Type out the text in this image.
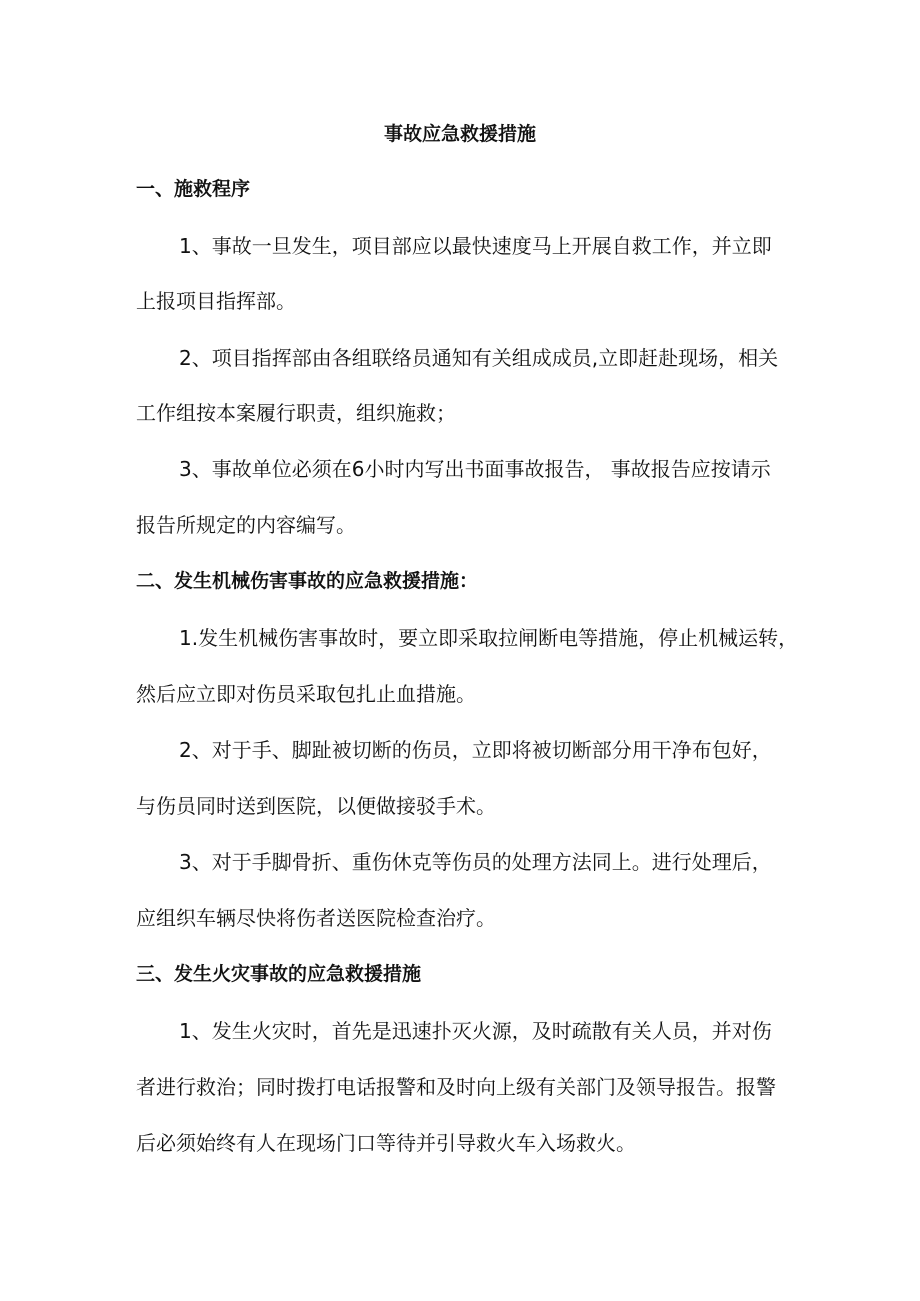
事故应急救援措施
一、施救程序

1、事故一旦发生，项目部应以最快速度马上开展自救工作，并立即

上报项目指挥部。

2、项目指挥部由各组联络员通知有关组成成员,立即赶赴现场，相关

工作组按本案履行职责，组织施救；

3、事故单位必须在6小时内写出书面事故报告， 事故报告应按请示

报告所规定的内容编写。

二、发生机械伤害事故的应急救援措施：

1.发生机械伤害事故时，要立即采取拉闸断电等措施，停止机械运转，

然后应立即对伤员采取包扎止血措施。

2、对于手、脚趾被切断的伤员，立即将被切断部分用干净布包好，

与伤员同时送到医院，以便做接驳手术。

3、对于手脚骨折、重伤休克等伤员的处理方法同上。进行处理后，

应组织车辆尽快将伤者送医院检查治疗。

三、发生火灾事故的应急救援措施

1、发生火灾时，首先是迅速扑灭火源，及时疏散有关人员，并对伤

者进行救治；同时拨打电话报警和及时向上级有关部门及领导报告。报警

后必须始终有人在现场门口等待并引导救火车入场救火。
